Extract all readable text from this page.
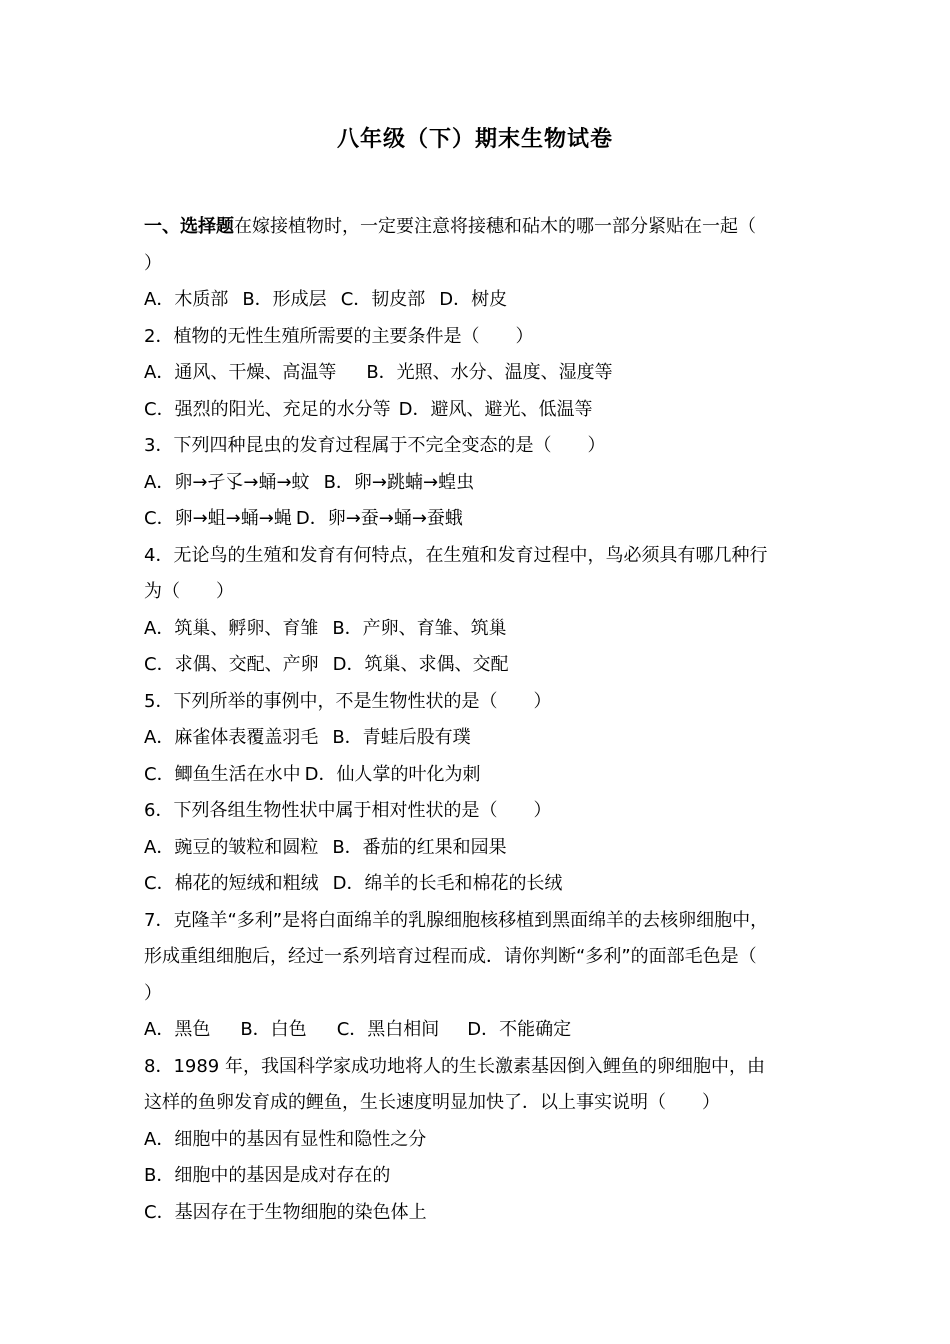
八年级（下）期末生物试卷
一、选择题在嫁接植物时，一定要注意将接穗和砧木的哪一部分紧贴在一起（
）
A．木质部 B．形成层 C．韧皮部 D．树皮
2．植物的无性生殖所需要的主要条件是（　　）
A．通风、干燥、高温等 B．光照、水分、温度、湿度等
C．强烈的阳光、充足的水分等 D．避风、避光、低温等
3．下列四种昆虫的发育过程属于不完全变态的是（　　）
A．卵→孑孓→蛹→蚊 B．卵→跳蝻→蝗虫
C．卵→蛆→蛹→蝇 D．卵→蚕→蛹→蚕蛾
4．无论鸟的生殖和发育有何特点，在生殖和发育过程中，鸟必须具有哪几种行
为（　　）
A．筑巢、孵卵、育雏 B．产卵、育雏、筑巢
C．求偶、交配、产卵 D．筑巢、求偶、交配
5．下列所举的事例中，不是生物性状的是（　　）
A．麻雀体表覆盖羽毛 B．青蛙后股有璞
C．鲫鱼生活在水中 D．仙人掌的叶化为刺
6．下列各组生物性状中属于相对性状的是（　　）
A．豌豆的皱粒和圆粒 B．番茄的红果和园果
C．棉花的短绒和粗绒 D．绵羊的长毛和棉花的长绒
7．克隆羊“多利”是将白面绵羊的乳腺细胞核移植到黑面绵羊的去核卵细胞中，
形成重组细胞后，经过一系列培育过程而成．请你判断“多利”的面部毛色是（
）
A．黑色 B．白色 C．黑白相间 D．不能确定
8．1989 年，我国科学家成功地将人的生长激素基因倒入鲤鱼的卵细胞中，由
这样的鱼卵发育成的鲤鱼，生长速度明显加快了．以上事实说明（　　）
A．细胞中的基因有显性和隐性之分
B．细胞中的基因是成对存在的
C．基因存在于生物细胞的染色体上
